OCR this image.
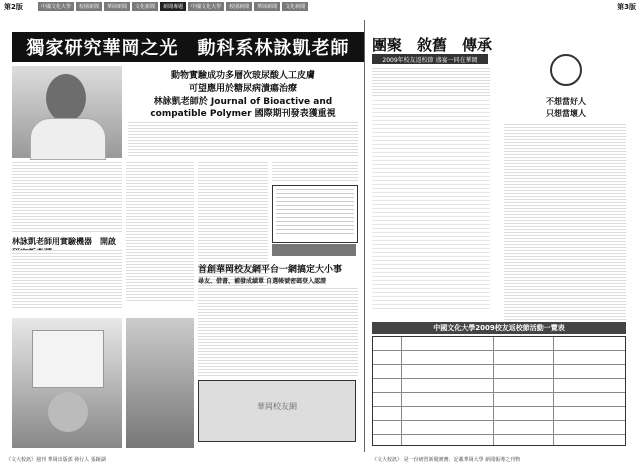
第2版	中國文化大學	校園新聞	華岡新聞	文化新聞	新聞專題	中國文化大學	校園新聞	華岡新聞	文化新聞	第3版
獨家研究華岡之光　動科系林詠凱老師
動物實驗成功多層次玻尿酸人工皮膚
可望應用於糖尿病潰瘍治療
林詠凱老師於 Journal of Bioactive and
compatible Polymer 國際期刊發表獲重視
林詠凱老師用實驗機器　開啟
首創華岡校友網平台一網搞定大小事
尋友、借書、補發成績單 自選帳號密碼登入認證
華岡校友網
團聚　敘舊　傳承
2009年校友返校節 盛宴一同在華岡
不想當好人
只想當壞人
中國文化大學2009校友返校節活動一覽表
《文大校訊》週刊 華岡出版部 發行人 張鏡湖	《文大校訊》 是一份研習新聞實務、記載華岡大學 新聞報導之刊物
